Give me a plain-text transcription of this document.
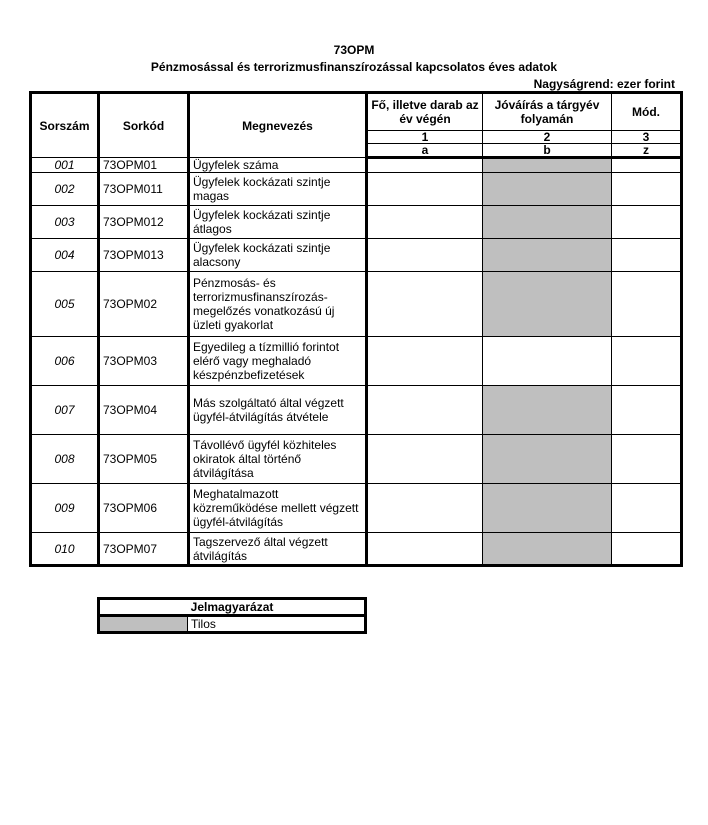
73OPM
Pénzmosással és terrorizmusfinanszírozással kapcsolatos éves adatok
Nagyságrend: ezer forint
Sorszám	Sorkód	Megnevezés	Fő, illetve darab az év végén	Jóváírás a tárgyév folyamán	Mód.
			1	2	3
			a	b	z
001	73OPM01	Ügyfelek száma			
002	73OPM011	Ügyfelek kockázati szintje magas			
003	73OPM012	Ügyfelek kockázati szintje átlagos			
004	73OPM013	Ügyfelek kockázati szintje alacsony			
005	73OPM02	Pénzmosás- és terrorizmusfinanszírozás-megelőzés vonatkozású új üzleti gyakorlat			
006	73OPM03	Egyedileg a tízmillió forintot elérő vagy meghaladó készpénzbefizetések			
007	73OPM04	Más szolgáltató által végzett ügyfél-átvilágítás átvétele			
008	73OPM05	Távollévő ügyfél közhiteles okiratok által történő átvilágítása			
009	73OPM06	Meghatalmazott közreműködése mellett végzett ügyfél-átvilágítás			
010	73OPM07	Tagszervező által végzett átvilágítás			
Jelmagyarázat
	Tilos
